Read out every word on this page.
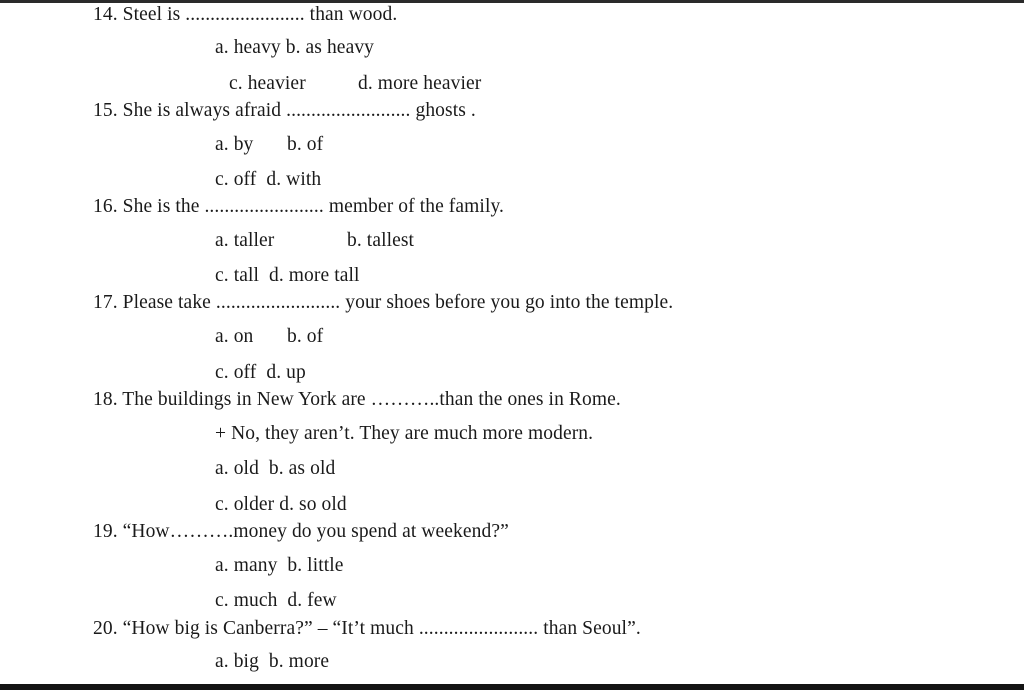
14. Steel is ........................ than wood.
a. heavy b. as heavy
c. heavier	d. more heavier
15. She is always afraid ......................... ghosts .
a. by b. of
c. off  d. with
16. She is the ........................ member of the family.
a. taller	b. tallest
c. tall  d. more tall
17. Please take ......................... your shoes before you go into the temple.
a. on b. of
c. off  d. up
18. The buildings in New York are ………..than the ones in Rome.
+ No, they aren’t. They are much more modern.
a. old  b. as old
c. older d. so old
19. “How……….money do you spend at weekend?”
a. many  b. little
c. much  d. few
20. “How big is Canberra?” – “It’t much ........................ than Seoul”.
a. big  b. more
